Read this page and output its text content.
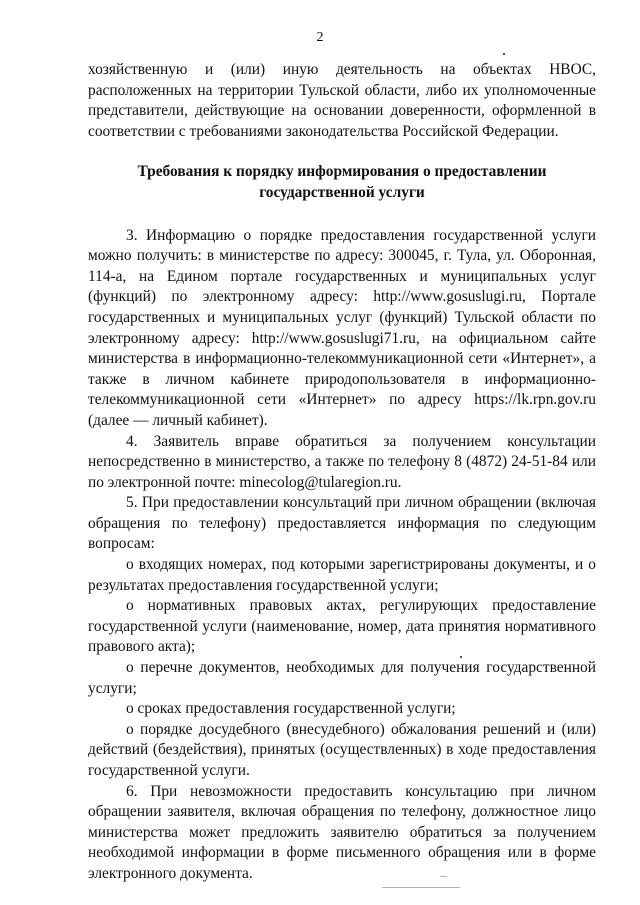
2

хозяйственную и (или) иную деятельность на объектах НВОС, расположенных на территории Тульской области, либо их уполномоченные представители, действующие на основании доверенности, оформленной в соответствии с требованиями законодательства Российской Федерации.

Требования к порядку информирования о предоставлении
государственной услуги

3. Информацию о порядке предоставления государственной услуги можно получить: в министерстве по адресу: 300045, г. Тула, ул. Оборонная, 114-а, на Едином портале государственных и муниципальных услуг (функций) по электронному адресу: http://www.gosuslugi.ru, Портале государственных и муниципальных услуг (функций) Тульской области по электронному адресу: http://www.gosuslugi71.ru, на официальном сайте министерства в информационно-телекоммуникационной сети «Интернет», а также в личном кабинете природопользователя в информационно-телекоммуникационной сети «Интернет» по адресу https://lk.rpn.gov.ru (далее — личный кабинет).

4. Заявитель вправе обратиться за получением консультации непосредственно в министерство, а также по телефону 8 (4872) 24-51-84 или по электронной почте: minecolog@tularegion.ru.

5. При предоставлении консультаций при личном обращении (включая обращения по телефону) предоставляется информация по следующим вопросам:

о входящих номерах, под которыми зарегистрированы документы, и о результатах предоставления государственной услуги;

о нормативных правовых актах, регулирующих предоставление государственной услуги (наименование, номер, дата принятия нормативного правового акта);

о перечне документов, необходимых для получения государственной услуги;

о сроках предоставления государственной услуги;

о порядке досудебного (внесудебного) обжалования решений и (или) действий (бездействия), принятых (осуществленных) в ходе предоставления государственной услуги.

6. При невозможности предоставить консультацию при личном обращении заявителя, включая обращения по телефону, должностное лицо министерства может предложить заявителю обратиться за получением необходимой информации в форме письменного обращения или в форме электронного документа.
